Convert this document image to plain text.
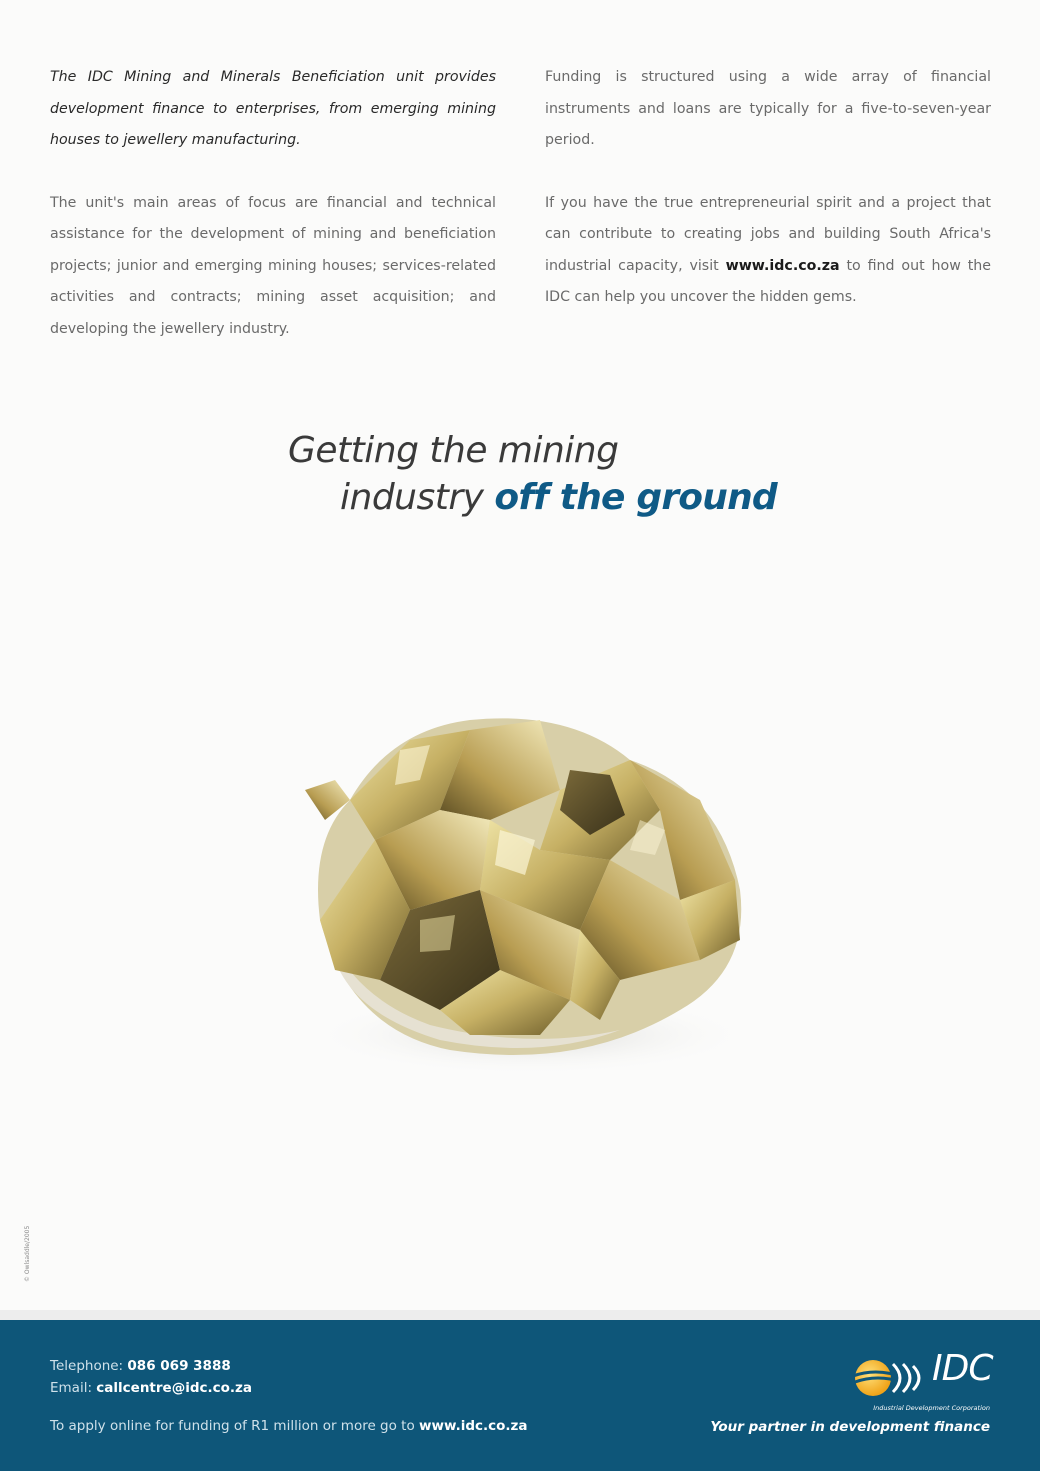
The IDC Mining and Minerals Beneficiation unit provides development finance to enterprises, from emerging mining houses to jewellery manufacturing.

The unit's main areas of focus are financial and technical assistance for the development of mining and beneficiation projects; junior and emerging mining houses; services-related activities and contracts; mining asset acquisition; and developing the jewellery industry.

Funding is structured using a wide array of financial instruments and loans are typically for a five-to-seven-year period.

If you have the true entrepreneurial spirit and a project that can contribute to creating jobs and building South Africa's industrial capacity, visit www.idc.co.za to find out how the IDC can help you uncover the hidden gems.

Getting the mining
industry off the ground
© Owlsaddle/2005
Telephone: 086 069 3888
Email: callcentre@idc.co.za
To apply online for funding of R1 million or more go to www.idc.co.za
IDC
Industrial Development Corporation
Your partner in development finance
